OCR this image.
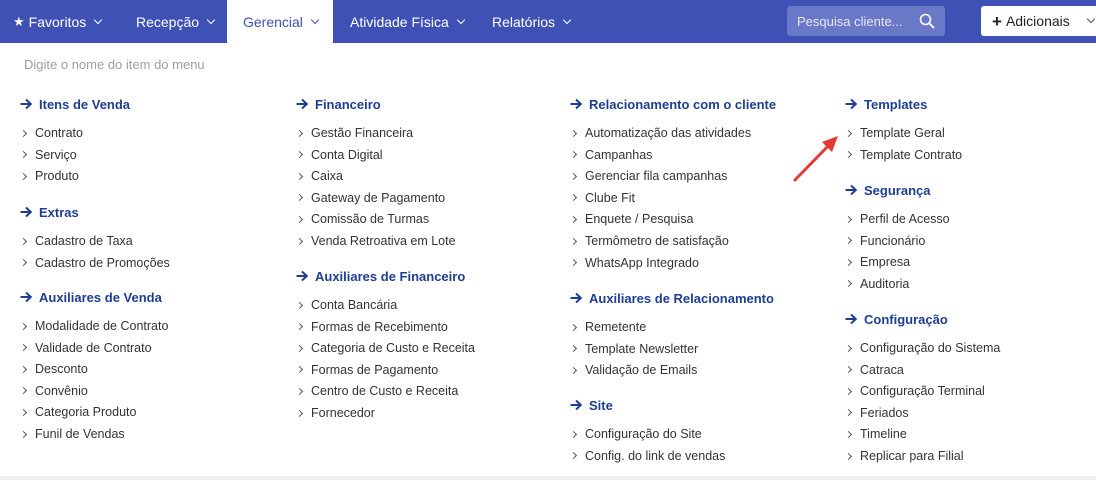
★ Favoritos	Recepção	Gerencial	Atividade Física	Relatórios
Pesquisa cliente...	+ Adicionais
Digite o nome do item do menu
Itens de Venda
Contrato
Serviço
Produto
Extras
Cadastro de Taxa
Cadastro de Promoções
Auxiliares de Venda
Modalidade de Contrato
Validade de Contrato
Desconto
Convênio
Categoria Produto
Funil de Vendas
Financeiro
Gestão Financeira
Conta Digital
Caixa
Gateway de Pagamento
Comissão de Turmas
Venda Retroativa em Lote
Auxiliares de Financeiro
Conta Bancária
Formas de Recebimento
Categoria de Custo e Receita
Formas de Pagamento
Centro de Custo e Receita
Fornecedor
Relacionamento com o cliente
Automatização das atividades
Campanhas
Gerenciar fila campanhas
Clube Fit
Enquete / Pesquisa
Termômetro de satisfação
WhatsApp Integrado
Auxiliares de Relacionamento
Remetente
Template Newsletter
Validação de Emails
Site
Configuração do Site
Config. do link de vendas
Templates
Template Geral
Template Contrato
Segurança
Perfil de Acesso
Funcionário
Empresa
Auditoria
Configuração
Configuração do Sistema
Catraca
Configuração Terminal
Feriados
Timeline
Replicar para Filial
